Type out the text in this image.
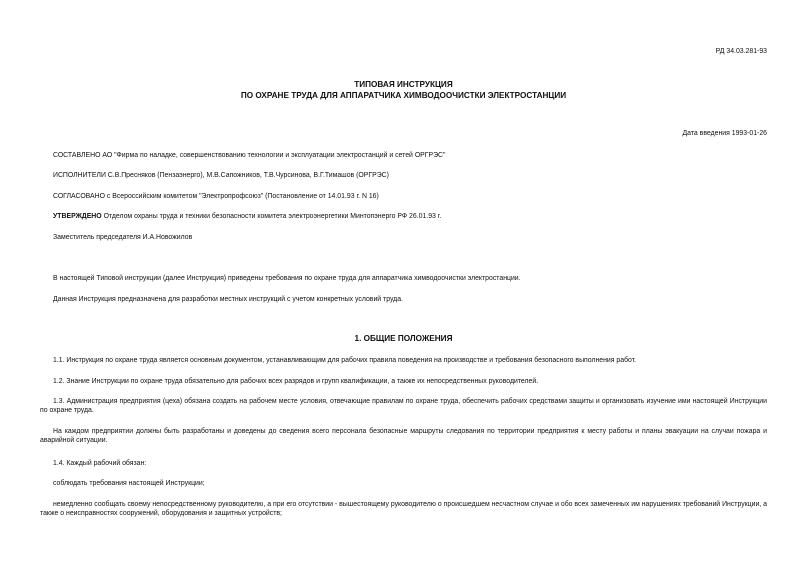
РД 34.03.281-93
ТИПОВАЯ ИНСТРУКЦИЯ
ПО ОХРАНЕ ТРУДА ДЛЯ АППАРАТЧИКА ХИМВОДООЧИСТКИ ЭЛЕКТРОСТАНЦИИ
Дата введения 1993-01-26
СОСТАВЛЕНО АО "Фирма по наладке, совершенствованию технологии и эксплуатации электростанций и сетей ОРГРЭС"
ИСПОЛНИТЕЛИ С.В.Пресняков (Пензаэнерго), М.В.Сапожников, Т.В.Чурсинова, В.Г.Тимашов (ОРГРЭС)
СОГЛАСОВАНО с Всероссийским комитетом "Электропрофсоюз" (Постановление от 14.01.93 г. N 16)
УТВЕРЖДЕНО Отделом охраны труда и техники безопасности комитета электроэнергетики Минтопэнерго РФ 26.01.93 г.
Заместитель председателя И.А.Новожилов
В настоящей Типовой инструкции (далее Инструкция) приведены требования по охране труда для аппаратчика химводоочистки электростанции.
Данная Инструкция предназначена для разработки местных инструкций с учетом конкретных условий труда.
1. ОБЩИЕ ПОЛОЖЕНИЯ
1.1. Инструкция по охране труда является основным документом, устанавливающим для рабочих правила поведения на производстве и требования безопасного выполнения работ.
1.2. Знание Инструкции по охране труда обязательно для рабочих всех разрядов и групп квалификации, а также их непосредственных руководителей.
1.3. Администрация предприятия (цеха) обязана создать на рабочем месте условия, отвечающие правилам по охране труда, обеспечить рабочих средствами защиты и организовать изучение ими настоящей Инструкции по охране труда.
На каждом предприятии должны быть разработаны и доведены до сведения всего персонала безопасные маршруты следования по территории предприятия к месту работы и планы эвакуации на случаи пожара и аварийной ситуации.
1.4. Каждый рабочий обязан:
соблюдать требования настоящей Инструкции;
немедленно сообщать своему непосредственному руководителю, а при его отсутствии - вышестоящему руководителю о происшедшем несчастном случае и обо всех замеченных им нарушениях требований Инструкции, а также о неисправностях сооружений, оборудования и защитных устройств;
